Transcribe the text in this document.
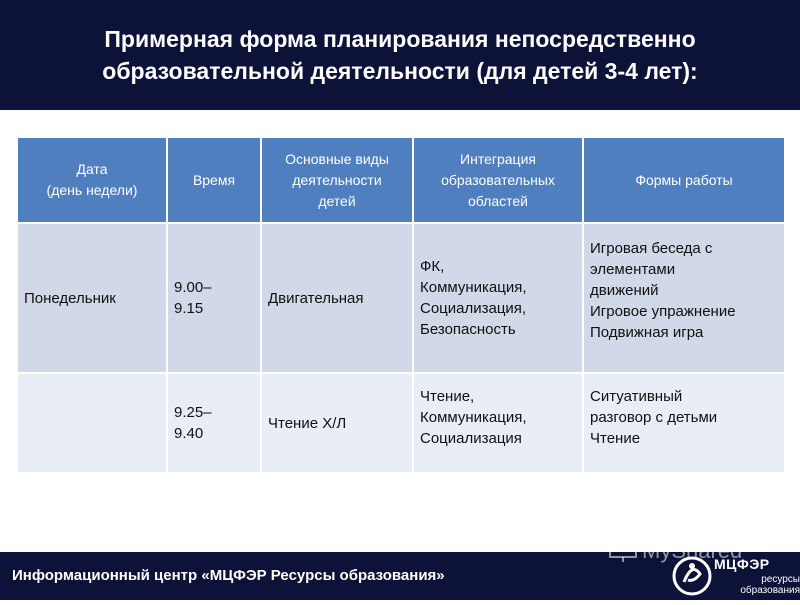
Примерная форма планирования непосредственно
образовательной деятельности (для детей 3-4 лет):

Дата
(день недели)	Время	Основные виды
деятельности
детей	Интеграция
образовательных
областей	Формы работы

Понедельник	9.00–
9.15	Двигательная	ФК,
Коммуникация,
Социализация,
Безопасность	Игровая беседа с
элементами
движений
Игровое упражнение
Подвижная игра

	9.25–
9.40	Чтение Х/Л	Чтение,
Коммуникация,
Социализация	Ситуативный
разговор с детьми
Чтение
Информационный центр «МЦФЭР Ресурсы образования»
МЦФЭР
ресурсы
образования
MyShared
